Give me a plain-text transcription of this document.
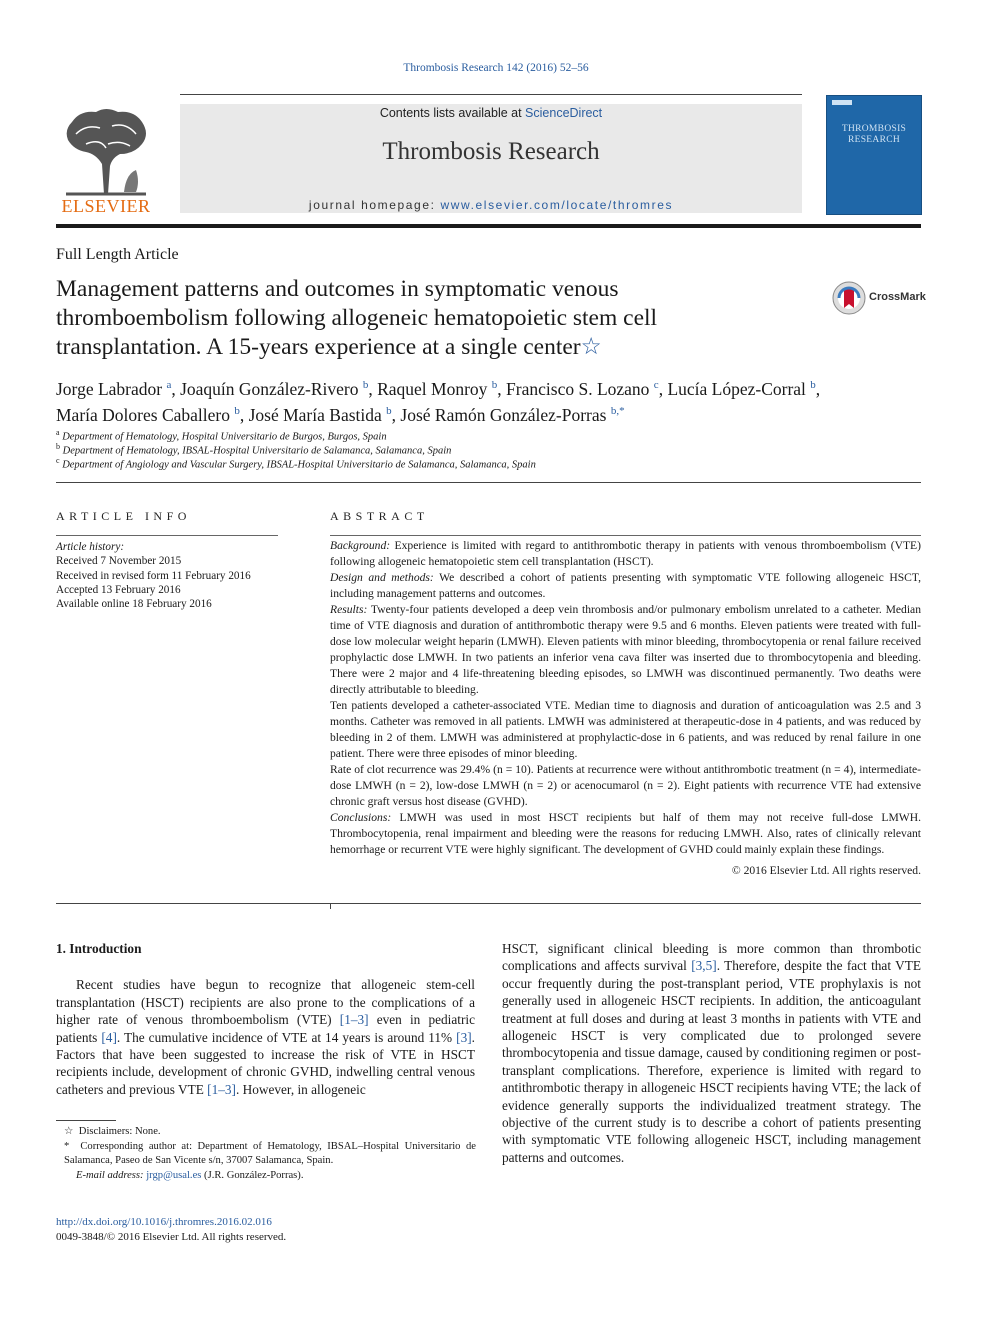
Thrombosis Research 142 (2016) 52–56
ELSEVIER
Contents lists available at ScienceDirect
Thrombosis Research
journal homepage: www.elsevier.com/locate/thromres
THROMBOSIS
RESEARCH
Full Length Article
Management patterns and outcomes in symptomatic venous thromboembolism following allogeneic hematopoietic stem cell transplantation. A 15-years experience at a single center☆
CrossMark
Jorge Labrador $^a$, Joaquín González-Rivero $^b$, Raquel Monroy $^b$, Francisco S. Lozano $^c$, Lucía López-Corral $^b$,
María Dolores Caballero $^b$, José María Bastida $^b$, José Ramón González-Porras $^{b,*}$
$^a$ Department of Hematology, Hospital Universitario de Burgos, Burgos, Spain
$^b$ Department of Hematology, IBSAL-Hospital Universitario de Salamanca, Salamanca, Spain
$^c$ Department of Angiology and Vascular Surgery, IBSAL-Hospital Universitario de Salamanca, Salamanca, Spain
ARTICLE INFO
Article history:
Received 7 November 2015
Received in revised form 11 February 2016
Accepted 13 February 2016
Available online 18 February 2016
ABSTRACT

Background: Experience is limited with regard to antithrombotic therapy in patients with venous thromboembolism (VTE) following allogeneic hematopoietic stem cell transplantation (HSCT).

Design and methods: We described a cohort of patients presenting with symptomatic VTE following allogeneic HSCT, including management patterns and outcomes.

Results: Twenty-four patients developed a deep vein thrombosis and/or pulmonary embolism unrelated to a catheter. Median time of VTE diagnosis and duration of antithrombotic therapy were 9.5 and 6 months. Eleven patients were treated with full-dose low molecular weight heparin (LMWH). Eleven patients with minor bleeding, thrombocytopenia or renal failure received prophylactic dose LMWH. In two patients an inferior vena cava filter was inserted due to thrombocytopenia and bleeding. There were 2 major and 4 life-threatening bleeding episodes, so LMWH was discontinued permanently. Two deaths were directly attributable to bleeding.

Ten patients developed a catheter-associated VTE. Median time to diagnosis and duration of anticoagulation was 2.5 and 3 months. Catheter was removed in all patients. LMWH was administered at therapeutic-dose in 4 patients, and was reduced by bleeding in 2 of them. LMWH was administered at prophylactic-dose in 6 patients, and was reduced by renal failure in one patient. There were three episodes of minor bleeding.

Rate of clot recurrence was 29.4% (n = 10). Patients at recurrence were without antithrombotic treatment (n = 4), intermediate-dose LMWH (n = 2), low-dose LMWH (n = 2) or acenocumarol (n = 2). Eight patients with recurrence VTE had extensive chronic graft versus host disease (GVHD).

Conclusions: LMWH was used in most HSCT recipients but half of them may not receive full-dose LMWH. Thrombocytopenia, renal impairment and bleeding were the reasons for reducing LMWH. Also, rates of clinically relevant hemorrhage or recurrent VTE were highly significant. The development of GVHD could mainly explain these findings.

© 2016 Elsevier Ltd. All rights reserved.

1. Introduction

Recent studies have begun to recognize that allogeneic stem-cell transplantation (HSCT) recipients are also prone to the complications of a higher rate of venous thromboembolism (VTE) [1–3] even in pediatric patients [4]. The cumulative incidence of VTE at 14 years is around 11% [3]. Factors that have been suggested to increase the risk of VTE in HSCT recipients include, development of chronic GVHD, indwelling central venous catheters and previous VTE [1–3]. However, in allogeneic

HSCT, significant clinical bleeding is more common than thrombotic complications and affects survival [3,5]. Therefore, despite the fact that VTE occur frequently during the post-transplant period, VTE prophylaxis is not generally used in allogeneic HSCT recipients. In addition, the anticoagulant treatment at full doses and during at least 3 months in patients with VTE and allogeneic HSCT is very complicated due to prolonged severe thrombocytopenia and tissue damage, caused by conditioning regimen or post-transplant complications. Therefore, experience is limited with regard to antithrombotic therapy in allogeneic HSCT recipients having VTE; the lack of evidence generally supports the individualized treatment strategy. The objective of the current study is to describe a cohort of patients presenting with symptomatic VTE following allogeneic HSCT, including management patterns and outcomes.

☆ Disclaimers: None.
* Corresponding author at: Department of Hematology, IBSAL–Hospital Universitario de Salamanca, Paseo de San Vicente s/n, 37007 Salamanca, Spain.
E-mail address: jrgp@usal.es (J.R. González-Porras).
http://dx.doi.org/10.1016/j.thromres.2016.02.016
0049-3848/© 2016 Elsevier Ltd. All rights reserved.
